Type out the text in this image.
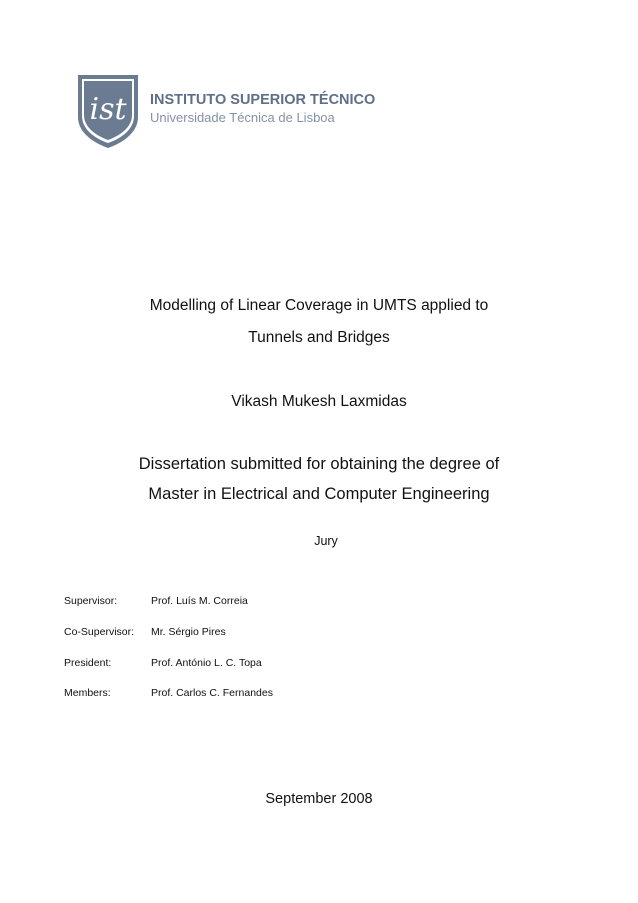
ist INSTITUTO SUPERIOR TÉCNICO
Universidade Técnica de Lisboa
Modelling of Linear Coverage in UMTS applied to
Tunnels and Bridges
Vikash Mukesh Laxmidas
Dissertation submitted for obtaining the degree of
Master in Electrical and Computer Engineering
Jury
Supervisor:	Prof. Luís M. Correia
Co-Supervisor: Mr. Sérgio Pires
President:	Prof. António L. C. Topa
Members:	Prof. Carlos C. Fernandes
September 2008
